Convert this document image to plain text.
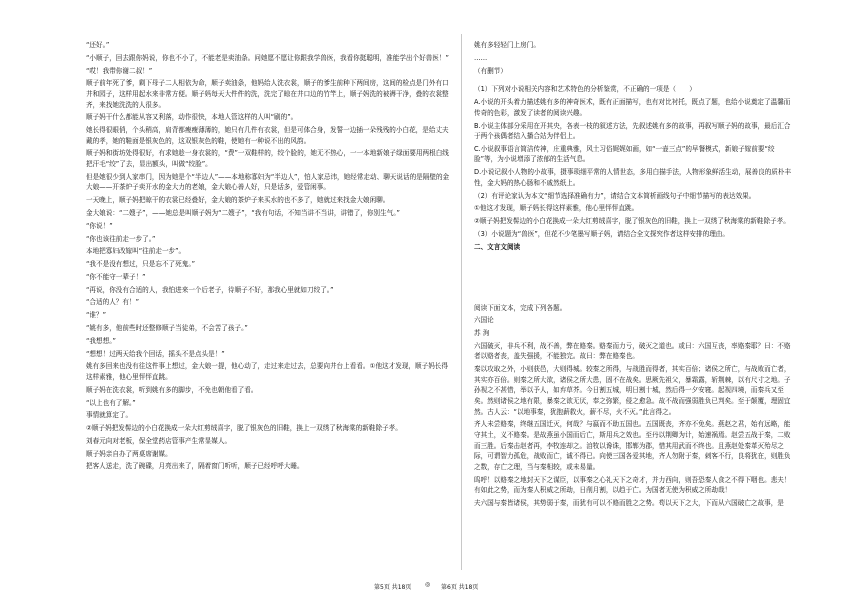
“还好。”

“小顺子，回去跟你妈说，你也不小了，不能老是卖油条。问她愿不愿让你跟我学兽医，我看你挺聪明，准能学出个好兽医！”

“哎！我带你谢二叔！”

顺子前年死了爹，剩下母子二人相依为命，顺子卖油条，他妈给人洗衣裳，顺子的爹生前种下两间房，这间的检点是门外有口井和园子，这样用起水来非常方便。顺子妈每天大件件的洗，洗完了晾在井口边的竹竿上，顺子妈洗的被褥干净，叠的衣裳整齐，来找她洗洗的人很多。

顺子妈干什么都能从容又利落，动作很快，本地人管这样的人叫“刷的”。

她长得很眼俏，个头稍高，肩背都瘦瘦薄薄的，她只有几件有衣裳，但是可体合身，发誓一边插一朵残残的小白花，是给丈夫戴的孝，她的鞋面是银灰色的，这双银灰色的鞋，使她有一种说不出的风韵。

顺子妈和街坊处得很好，有求她趁一身衣裳的，“费”一双鞋样的，绞个脸的，她无不热心，一一本地新娘子绿面要用两根白线把汗毛“绞”了去，显出额头，叫做“绞脸”。

但是她很少到人家串门，因为她是个“半边人”——本地称寡妇为“半边人”，怕人家忌讳，她经常走动、聊天说话的是隔壁的金大娘——开茶炉子卖开水的金大力的老娘，金大娘心善人好，只是话多，爱管闲事。

一天晚上，顺子妈把晾干的衣裳已经叠好，金大娘的茶炉子来买水的也不多了，她就过来找金大娘闲聊。

金大娘说：“二嫂子”，——她总是叫顺子妈为“二嫂子”，“我有句话，不知当讲不当讲，讲错了，你别生气。”

“你说！”

“你也该往前走一步了。”

本地把寡妇改嫁叫“往前走一步”。

“我不是没有想过，只是忘不了死鬼。”

“你不能守一辈子！”

“再说，你没有合适的人，我怕进来一个后老子，待顺子不好，那我心里就如刀绞了。”

“合适的人？有！”

“谁？”

“姚有多，他前些时还整修顺子当徒弟，不会苦了孩子。”

“我想想。”

“想想！过两天给我个回话，摇头不是点头是！”

姚有多回来也没有往这件事上想过，金大娘一提，他心动了，走过来走过去，总要向井台上看看。①他这才发现，顺子妈长得这样素雅，他心里怦怦直跳。

顺子妈在洗衣裳，听到姚有多的脚步，不免也朝他看了看。

“以上也有了解。”

事情就算定了。

②顺子妈把发髻边的小白花换成一朵大红剪绒喜字，脱了银灰色的旧鞋，换上一双绣了秋海棠的新鞋除子孝。

刘春元向对老板，保全堂药店管事产生常显媒人。

顺子妈亲自办了两桌席谢媒。

把客人送走，洗了碗碟，月亮出来了，隔着窗门听听，顺子已经呼呼大睡。

姚有多轻轻门上房门。

……

（有删节）

（1）下列对小说相关内容和艺术特色的分析鉴赏，不正确的一项是（　　）

A.小说的开头着力描述姚有多的神奇医术，既有正面描写，也有对比衬托，既点了题，也给小说奠定了温馨而传奇的色彩，激发了读者的阅读兴趣。

B.小说主体部分采用在开其央，各表一枝的叙述方法，先叙述姚有多的故事，再叙写顺子妈的故事，最后汇合于两个孩偶者结入播合站为伴侣上。

C.小说叙事语言简洁传神，庄重典雅，风土习俗娓娓如画，如“一壶三点”的早餐模式，新娘子嫁前要“绞脸”等，为小说增添了浓郁的生活气息。

D.小说记叙小人物的小故事，摄事琐细平常的人情世态，多用白描手法，人物形象鲜活生动，展善良的质朴丰性，金大妈的热心肠和不戚然纸上。

（2）有评论家认为本文“细节选择准确有力”，请结合文本简析画线句子中细节描写的表达效果。

①他这才发现，顺子妈长得这样素雅，他心里怦怦直跳。

②顺子妈把发髻边的小白花换成一朵大红剪绒喜字，脱了银灰色的旧鞋，换上一双绣了秋海棠的新鞋除子孝。

（3）小说题为“兽医”，但花不少笔墨写顺子妈，请结合全文探究作者这样安排的理由。

二、文言文阅读

阅读下面文本，完成下列各题。

六国论

苏 洵

六国破灭，非兵不利，战不善，弊在赂秦。赂秦而力亏，破灭之道也。或曰：六国互丧，率赂秦耶？曰：不赂者以赂者丧，盖失强援，不能独完。故曰：弊在赂秦也。

秦以攻取之外，小则获邑，大则得城。较秦之所得，与战胜而得者，其实百倍；诸侯之所亡，与战败而亡者，其实亦百倍。则秦之所大欲，诸侯之所大患，固不在战矣。思厥先祖父，暴霜露，斩荆棘，以有尺寸之地。子孙视之不甚惜，举以予人，如弃草芥。今日割五城，明日割十城，然后得一夕安寝。起视四境，而秦兵又至矣。然则诸侯之地有限，暴秦之欲无厌，奉之弥繁，侵之愈急。故不战而强弱胜负已判矣。至于颠覆，理固宜然。古人云：“以地事秦，犹抱薪救火，薪不尽，火不灭。”此言得之。

齐人未尝赂秦，终继五国迁灭，何哉？与嬴而不助五国也。五国既丧，齐亦不免矣。燕赵之君，始有远略，能守其土，义不赂秦。是故燕虽小国而后亡，斯用兵之效也。至丹以荆卿为计，始速祸焉。赵尝五战于秦，二败而三胜。后秦击赵者再，李牧连却之。洎牧以谗诛，邯郸为郡，惜其用武而不终也。且燕赵处秦革灭殆尽之际，可谓智力孤危，战败而亡，诚不得已。向使三国各爱其地，齐人勿附于秦，刺客不行，良将犹在，则胜负之数，存亡之理，当与秦相较，或未易量。

呜呼！以赂秦之地封天下之谋臣，以事秦之心礼天下之奇才，并力西向，则吾恐秦人食之不得下咽也。悲夫！有如此之势，而为秦人积威之所劫，日削月割，以趋于亡。为国者无使为积威之所劫哉！

夫六国与秦皆诸侯，其势弱于秦，而犹有可以不赂而胜之之势。苟以天下之大，下而从六国破亡之故事，是

第5页 共18页 ◎ 第6页 共18页
